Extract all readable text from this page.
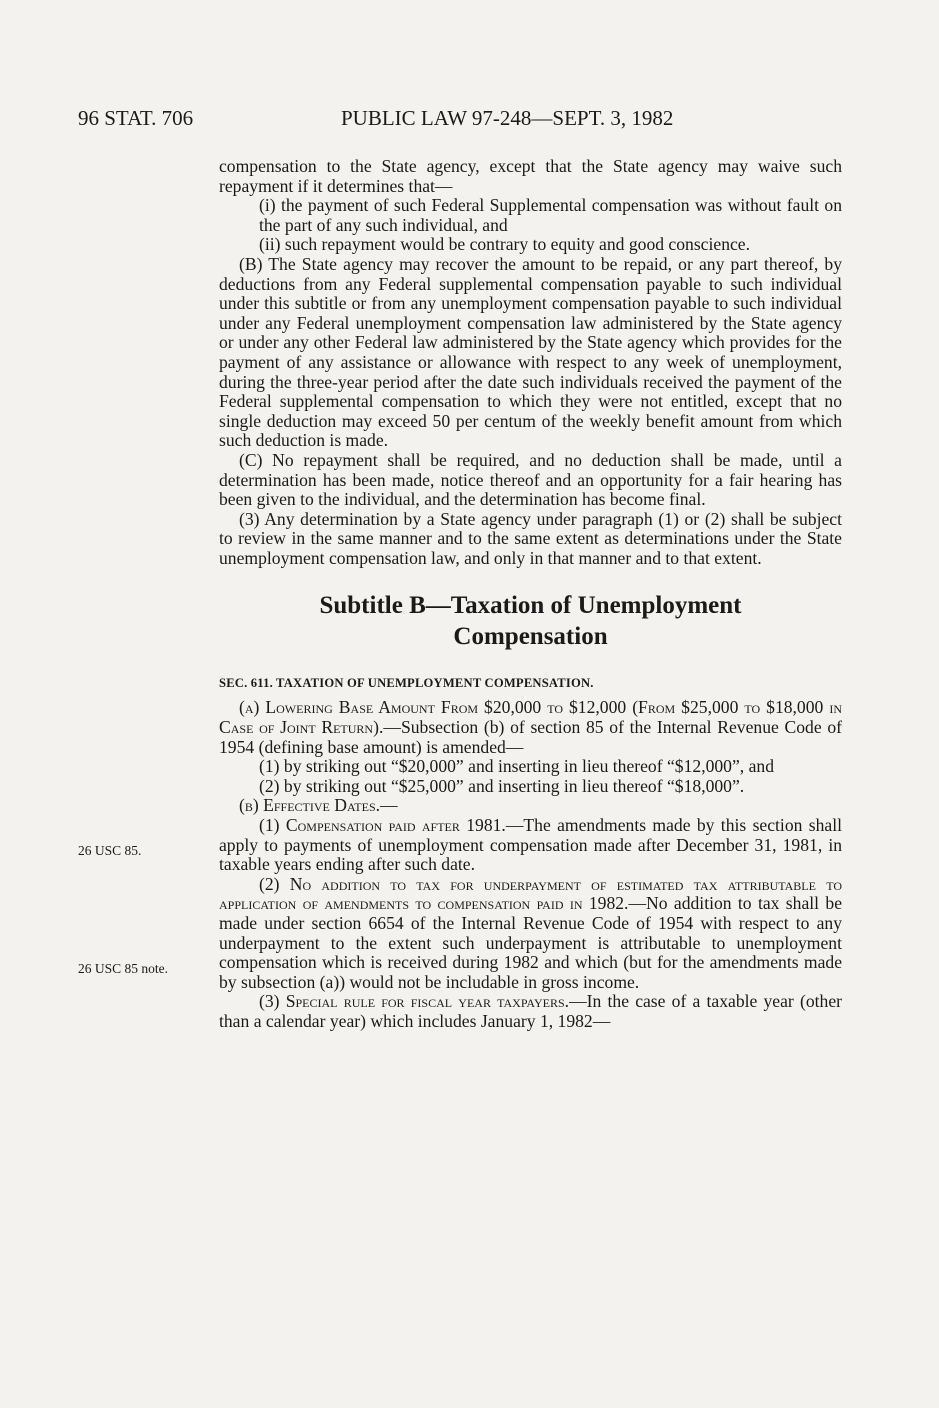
96 STAT. 706	PUBLIC LAW 97-248—SEPT. 3, 1982
26 USC 85.
26 USC 85 note.

compensation to the State agency, except that the State agency may waive such repayment if it determines that—

(i) the payment of such Federal Supplemental compensation was without fault on the part of any such individual, and

(ii) such repayment would be contrary to equity and good conscience.

(B) The State agency may recover the amount to be repaid, or any part thereof, by deductions from any Federal supplemental compensation payable to such individual under this subtitle or from any unemployment compensation payable to such individual under any Federal unemployment compensation law administered by the State agency or under any other Federal law administered by the State agency which provides for the payment of any assistance or allowance with respect to any week of unemployment, during the three-year period after the date such individuals received the payment of the Federal supplemental compensation to which they were not entitled, except that no single deduction may exceed 50 per centum of the weekly benefit amount from which such deduction is made.

(C) No repayment shall be required, and no deduction shall be made, until a determination has been made, notice thereof and an opportunity for a fair hearing has been given to the individual, and the determination has become final.

(3) Any determination by a State agency under paragraph (1) or (2) shall be subject to review in the same manner and to the same extent as determinations under the State unemployment compensation law, and only in that manner and to that extent.

Subtitle B—Taxation of Unemployment
Compensation
SEC. 611. TAXATION OF UNEMPLOYMENT COMPENSATION.

(a) Lowering Base Amount From $20,000 to $12,000 (From $25,000 to $18,000 in Case of Joint Return).—Subsection (b) of section 85 of the Internal Revenue Code of 1954 (defining base amount) is amended—

(1) by striking out “$20,000” and inserting in lieu thereof “$12,000”, and

(2) by striking out “$25,000” and inserting in lieu thereof “$18,000”.

(b) Effective Dates.—

(1) Compensation paid after 1981.—The amendments made by this section shall apply to payments of unemployment compensation made after December 31, 1981, in taxable years ending after such date.

(2) No addition to tax for underpayment of estimated tax attributable to application of amendments to compensation paid in 1982.—No addition to tax shall be made under section 6654 of the Internal Revenue Code of 1954 with respect to any underpayment to the extent such underpayment is attributable to unemployment compensation which is received during 1982 and which (but for the amendments made by subsection (a)) would not be includable in gross income.

(3) Special rule for fiscal year taxpayers.—In the case of a taxable year (other than a calendar year) which includes January 1, 1982—
